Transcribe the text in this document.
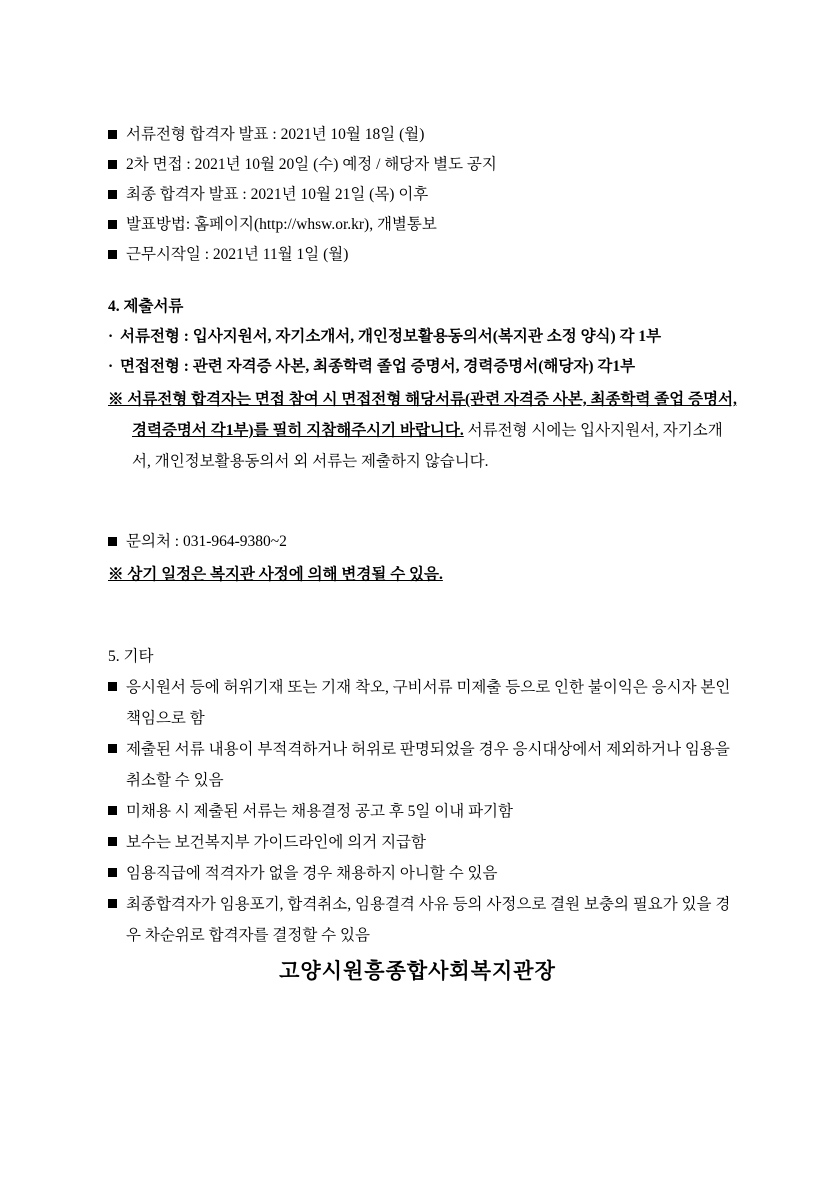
서류전형 합격자 발표 : 2021년 10월 18일 (월)
2차 면접 : 2021년 10월 20일 (수) 예정 / 해당자 별도 공지
최종 합격자 발표 : 2021년 10월 21일 (목) 이후
발표방법: 홈페이지(http://whsw.or.kr), 개별통보
근무시작일 : 2021년 11월 1일 (월)
4. 제출서류
· 서류전형 : 입사지원서, 자기소개서, 개인정보활용동의서(복지관 소정 양식) 각 1부
· 면접전형 : 관련 자격증 사본, 최종학력 졸업 증명서, 경력증명서(해당자) 각1부
※ 서류전형 합격자는 면접 참여 시 면접전형 해당서류(관련 자격증 사본, 최종학력 졸업 증명서, 경력증명서 각1부)를 필히 지참해주시기 바랍니다. 서류전형 시에는 입사지원서, 자기소개서, 개인정보활용동의서 외 서류는 제출하지 않습니다.
문의처 : 031-964-9380~2
※ 상기 일정은 복지관 사정에 의해 변경될 수 있음.
5. 기타
응시원서 등에 허위기재 또는 기재 착오, 구비서류 미제출 등으로 인한 불이익은 응시자 본인 책임으로 함
제출된 서류 내용이 부적격하거나 허위로 판명되었을 경우 응시대상에서 제외하거나 임용을 취소할 수 있음
미채용 시 제출된 서류는 채용결정 공고 후 5일 이내 파기함
보수는 보건복지부 가이드라인에 의거 지급함
임용직급에 적격자가 없을 경우 채용하지 아니할 수 있음
최종합격자가 임용포기, 합격취소, 임용결격 사유 등의 사정으로 결원 보충의 필요가 있을 경우 차순위로 합격자를 결정할 수 있음
고양시원흥종합사회복지관장
